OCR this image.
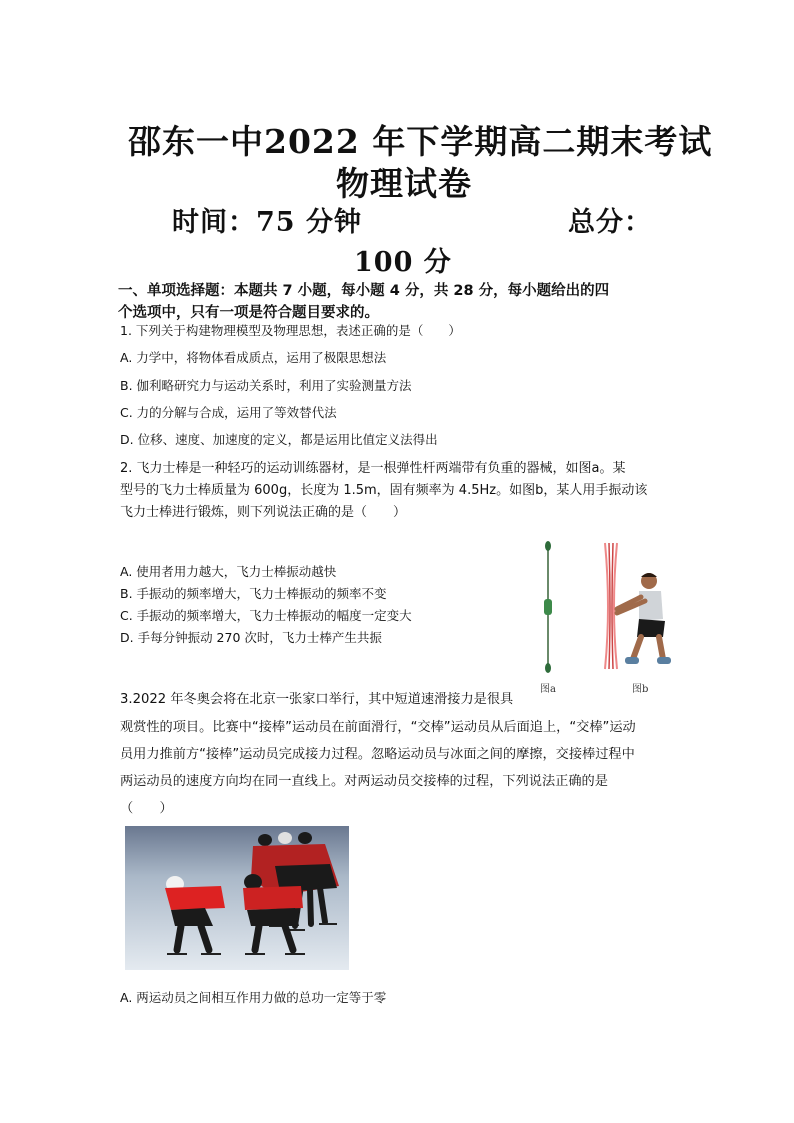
邵东一中2022 年下学期高二期末考试
物理试卷
时间：75 分钟	总分：
100 分
一、单项选择题：本题共 7 小题，每小题 4 分，共 28 分，每小题给出的四
个选项中，只有一项是符合题目要求的。
1. 下列关于构建物理模型及物理思想，表述正确的是（　　）
A. 力学中，将物体看成质点，运用了极限思想法
B. 伽利略研究力与运动关系时，利用了实验测量方法
C. 力的分解与合成，运用了等效替代法
D. 位移、速度、加速度的定义，都是运用比值定义法得出
2. 飞力士棒是一种轻巧的运动训练器材，是一根弹性杆两端带有负重的器械，如图a。某
型号的飞力士棒质量为 600g，长度为 1.5m，固有频率为 4.5Hz。如图b，某人用手振动该
飞力士棒进行锻炼，则下列说法正确的是（　　）
A. 使用者用力越大，飞力士棒振动越快
B. 手振动的频率增大，飞力士棒振动的频率不变
C. 手振动的频率增大，飞力士棒振动的幅度一定变大
D. 手每分钟振动 270 次时，飞力士棒产生共振
图a	图b
3.2022 年冬奥会将在北京一张家口举行，其中短道速滑接力是很具
观赏性的项目。比赛中“接棒”运动员在前面滑行，“交棒”运动员从后面追上，“交棒”运动
员用力推前方“接棒”运动员完成接力过程。忽略运动员与冰面之间的摩擦，交接棒过程中
两运动员的速度方向均在同一直线上。对两运动员交接棒的过程，下列说法正确的是
（　　）
A. 两运动员之间相互作用力做的总功一定等于零
